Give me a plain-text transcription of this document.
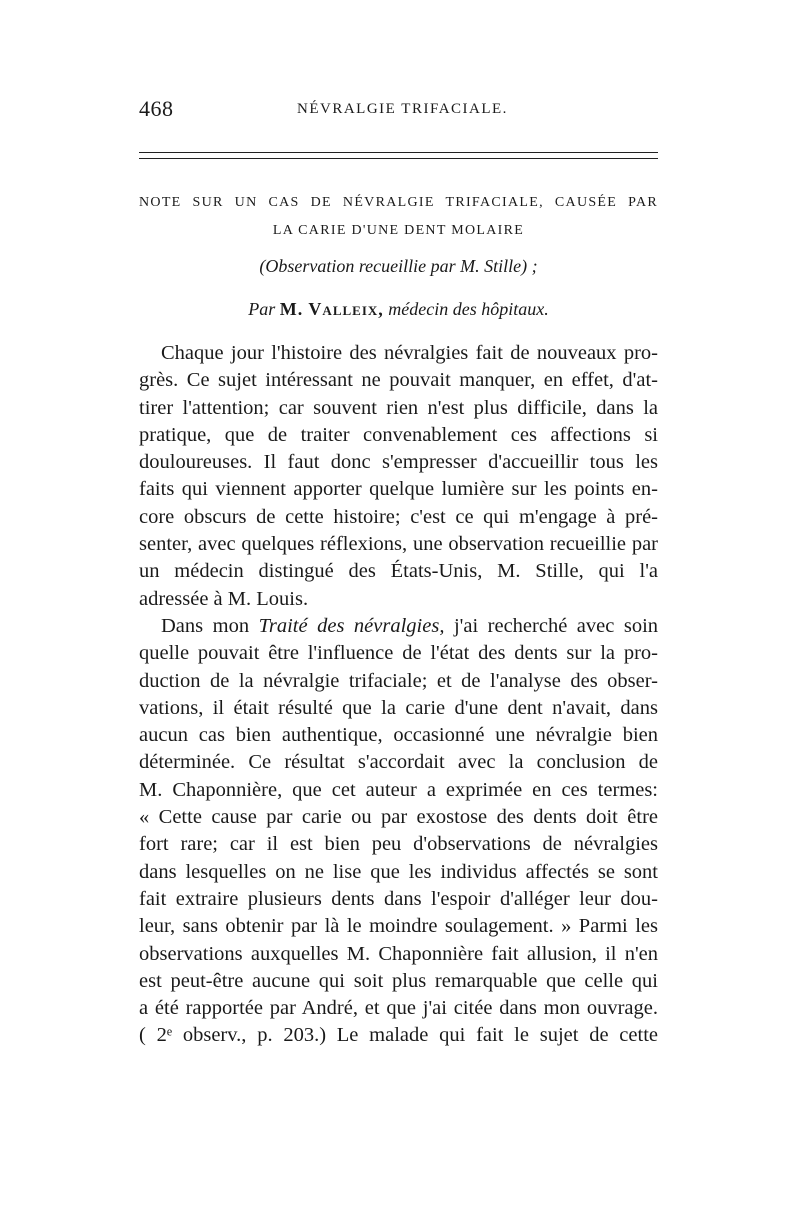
468	NÉVRALGIE TRIFACIALE.
NOTE SUR UN CAS DE NÉVRALGIE TRIFACIALE, CAUSÉE PAR
LA CARIE D'UNE DENT MOLAIRE
(Observation recueillie par M. Stille) ;
Par M. Valleix, médecin des hôpitaux.
Chaque jour l'histoire des névralgies fait de nouveaux pro-
grès. Ce sujet intéressant ne pouvait manquer, en effet, d'at-
tirer l'attention; car souvent rien n'est plus difficile, dans la
pratique, que de traiter convenablement ces affections si
douloureuses. Il faut donc s'empresser d'accueillir tous les
faits qui viennent apporter quelque lumière sur les points en-
core obscurs de cette histoire; c'est ce qui m'engage à pré-
senter, avec quelques réflexions, une observation recueillie par
un médecin distingué des États-Unis, M. Stille, qui l'a
adressée à M. Louis.
Dans mon Traité des névralgies, j'ai recherché avec soin
quelle pouvait être l'influence de l'état des dents sur la pro-
duction de la névralgie trifaciale; et de l'analyse des obser-
vations, il était résulté que la carie d'une dent n'avait, dans
aucun cas bien authentique, occasionné une névralgie bien
déterminée. Ce résultat s'accordait avec la conclusion de
M. Chaponnière, que cet auteur a exprimée en ces termes:
« Cette cause par carie ou par exostose des dents doit être
fort rare; car il est bien peu d'observations de névralgies
dans lesquelles on ne lise que les individus affectés se sont
fait extraire plusieurs dents dans l'espoir d'alléger leur dou-
leur, sans obtenir par là le moindre soulagement. » Parmi les
observations auxquelles M. Chaponnière fait allusion, il n'en
est peut-être aucune qui soit plus remarquable que celle qui
a été rapportée par André, et que j'ai citée dans mon ouvrage.
( 2ᵉ observ., p. 203.) Le malade qui fait le sujet de cette
